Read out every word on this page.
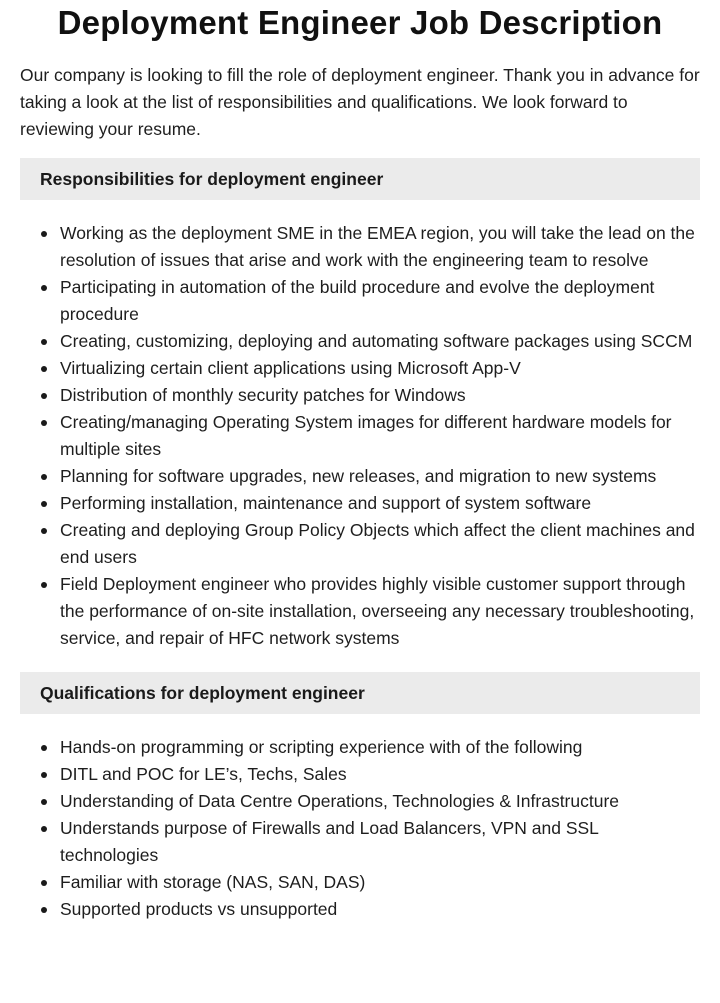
Deployment Engineer Job Description

Our company is looking to fill the role of deployment engineer. Thank you in advance for taking a look at the list of responsibilities and qualifications. We look forward to reviewing your resume.

Responsibilities for deployment engineer
Working as the deployment SME in the EMEA region, you will take the lead on the resolution of issues that arise and work with the engineering team to resolve
Participating in automation of the build procedure and evolve the deployment procedure
Creating, customizing, deploying and automating software packages using SCCM
Virtualizing certain client applications using Microsoft App-V
Distribution of monthly security patches for Windows
Creating/managing Operating System images for different hardware models for multiple sites
Planning for software upgrades, new releases, and migration to new systems
Performing installation, maintenance and support of system software
Creating and deploying Group Policy Objects which affect the client machines and end users
Field Deployment engineer who provides highly visible customer support through the performance of on-site installation, overseeing any necessary troubleshooting, service, and repair of HFC network systems
Qualifications for deployment engineer
Hands-on programming or scripting experience with of the following
DITL and POC for LE’s, Techs, Sales
Understanding of Data Centre Operations, Technologies & Infrastructure
Understands purpose of Firewalls and Load Balancers, VPN and SSL technologies
Familiar with storage (NAS, SAN, DAS)
Supported products vs unsupported
